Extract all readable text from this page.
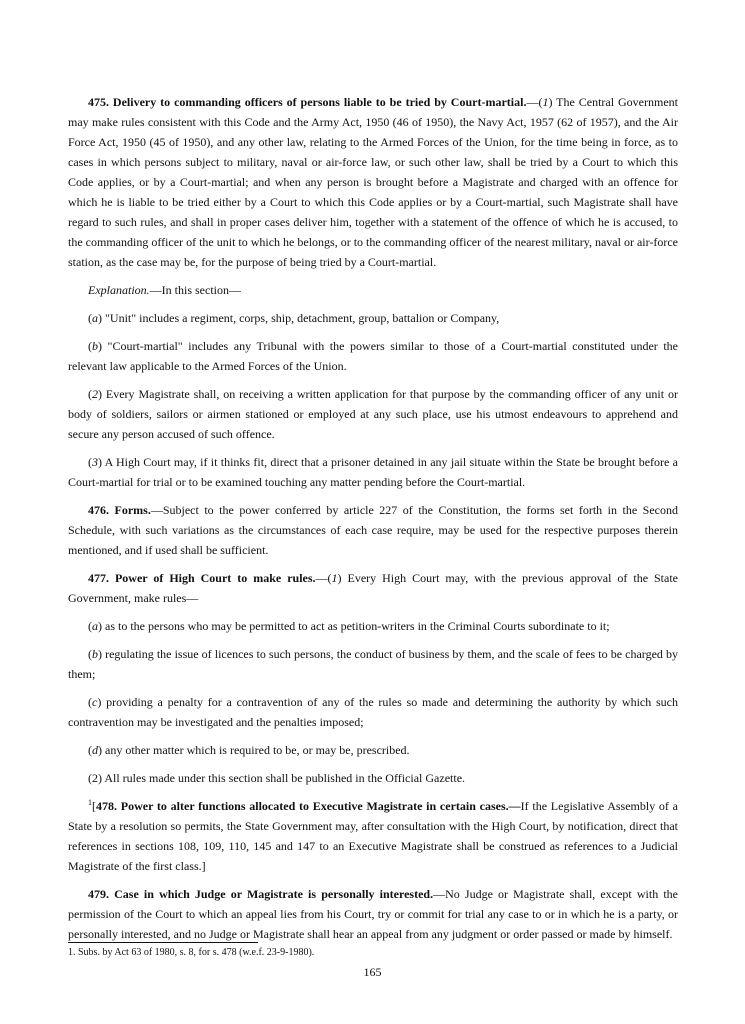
475. Delivery to commanding officers of persons liable to be tried by Court-martial.—(1) The Central Government may make rules consistent with this Code and the Army Act, 1950 (46 of 1950), the Navy Act, 1957 (62 of 1957), and the Air Force Act, 1950 (45 of 1950), and any other law, relating to the Armed Forces of the Union, for the time being in force, as to cases in which persons subject to military, naval or air-force law, or such other law, shall be tried by a Court to which this Code applies, or by a Court-martial; and when any person is brought before a Magistrate and charged with an offence for which he is liable to be tried either by a Court to which this Code applies or by a Court-martial, such Magistrate shall have regard to such rules, and shall in proper cases deliver him, together with a statement of the offence of which he is accused, to the commanding officer of the unit to which he belongs, or to the commanding officer of the nearest military, naval or air-force station, as the case may be, for the purpose of being tried by a Court-martial.

Explanation.—In this section—

(a) "Unit" includes a regiment, corps, ship, detachment, group, battalion or Company,

(b) "Court-martial" includes any Tribunal with the powers similar to those of a Court-martial constituted under the relevant law applicable to the Armed Forces of the Union.

(2) Every Magistrate shall, on receiving a written application for that purpose by the commanding officer of any unit or body of soldiers, sailors or airmen stationed or employed at any such place, use his utmost endeavours to apprehend and secure any person accused of such offence.

(3) A High Court may, if it thinks fit, direct that a prisoner detained in any jail situate within the State be brought before a Court-martial for trial or to be examined touching any matter pending before the Court-martial.

476. Forms.—Subject to the power conferred by article 227 of the Constitution, the forms set forth in the Second Schedule, with such variations as the circumstances of each case require, may be used for the respective purposes therein mentioned, and if used shall be sufficient.

477. Power of High Court to make rules.—(1) Every High Court may, with the previous approval of the State Government, make rules—

(a) as to the persons who may be permitted to act as petition-writers in the Criminal Courts subordinate to it;

(b) regulating the issue of licences to such persons, the conduct of business by them, and the scale of fees to be charged by them;

(c) providing a penalty for a contravention of any of the rules so made and determining the authority by which such contravention may be investigated and the penalties imposed;

(d) any other matter which is required to be, or may be, prescribed.

(2) All rules made under this section shall be published in the Official Gazette.

$^1$[478. Power to alter functions allocated to Executive Magistrate in certain cases.—If the Legislative Assembly of a State by a resolution so permits, the State Government may, after consultation with the High Court, by notification, direct that references in sections 108, 109, 110, 145 and 147 to an Executive Magistrate shall be construed as references to a Judicial Magistrate of the first class.]

479. Case in which Judge or Magistrate is personally interested.—No Judge or Magistrate shall, except with the permission of the Court to which an appeal lies from his Court, try or commit for trial any case to or in which he is a party, or personally interested, and no Judge or Magistrate shall hear an appeal from any judgment or order passed or made by himself.

1. Subs. by Act 63 of 1980, s. 8, for s. 478 (w.e.f. 23-9-1980).
165
